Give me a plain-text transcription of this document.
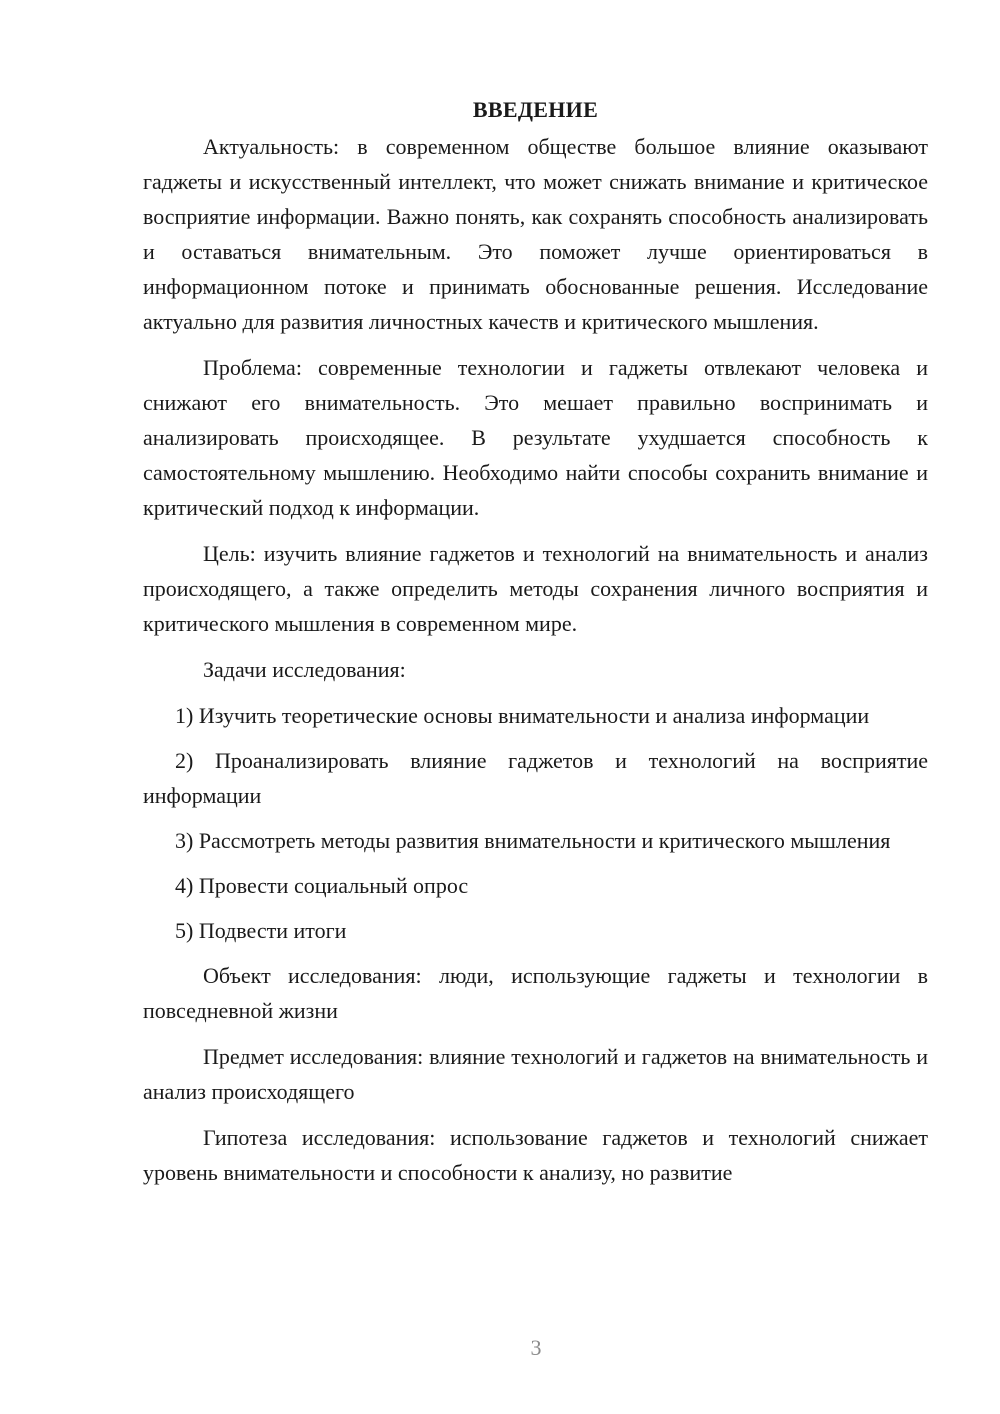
ВВЕДЕНИЕ

Актуальность: в современном обществе большое влияние оказывают гаджеты и искусственный интеллект, что может снижать внимание и критическое восприятие информации. Важно понять, как сохранять способность анализировать и оставаться внимательным. Это поможет лучше ориентироваться в информационном потоке и принимать обоснованные решения. Исследование актуально для развития личностных качеств и критического мышления.

Проблема: современные технологии и гаджеты отвлекают человека и снижают его внимательность. Это мешает правильно воспринимать и анализировать происходящее. В результате ухудшается способность к самостоятельному мышлению. Необходимо найти способы сохранить внимание и критический подход к информации.

Цель: изучить влияние гаджетов и технологий на внимательность и анализ происходящего, а также определить методы сохранения личного восприятия и критического мышления в современном мире.

Задачи исследования:

1) Изучить теоретические основы внимательности и анализа информации

2) Проанализировать влияние гаджетов и технологий на восприятие информации

3) Рассмотреть методы развития внимательности и критического мышления

4) Провести социальный опрос

5) Подвести итоги

Объект исследования: люди, использующие гаджеты и технологии в повседневной жизни

Предмет исследования: влияние технологий и гаджетов на внимательность и анализ происходящего

Гипотеза исследования: использование гаджетов и технологий снижает уровень внимательности и способности к анализу, но развитие

3
